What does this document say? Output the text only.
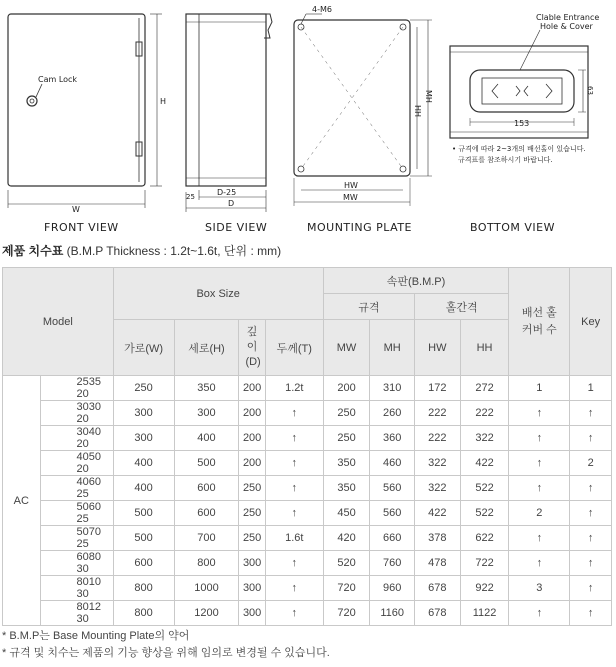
Cam Lock
H
W
D-25
D
25
4-M6
HH
MH
HW
MW
Clable Entrance
Hole & Cover
63
153
• 규격에 따라 2~3개의 배선홀이 있습니다.
규격표를 참조하시기 바랍니다.
FRONT VIEW	SIDE VIEW	MOUNTING PLATE	BOTTOM VIEW
제품 치수표 (B.M.P Thickness : 1.2t~1.6t, 단위 : mm)
Model		Box Size				속판(B.M.P)				배선 홀 커버 수	Key
						규격		홀간격			
		가로(W)	세로(H)	깊이(D)	두께(T)	MW	MH	HW	HH		
AC	2535 20	250	350	200	1.2t	200	310	172	272	1	1
	3030 20	300	300	200	↑	250	260	222	222	↑	↑
	3040 20	300	400	200	↑	250	360	222	322	↑	↑
	4050 20	400	500	200	↑	350	460	322	422	↑	2
	4060 25	400	600	250	↑	350	560	322	522	↑	↑
	5060 25	500	600	250	↑	450	560	422	522	2	↑
	5070 25	500	700	250	1.6t	420	660	378	622	↑	↑
	6080 30	600	800	300	↑	520	760	478	722	↑	↑
	8010 30	800	1000	300	↑	720	960	678	922	3	↑
	8012 30	800	1200	300	↑	720	1160	678	1122	↑	↑
* B.M.P는 Base Mounting Plate의 약어
* 규격 및 치수는 제품의 기능 향상을 위해 임의로 변경될 수 있습니다.
